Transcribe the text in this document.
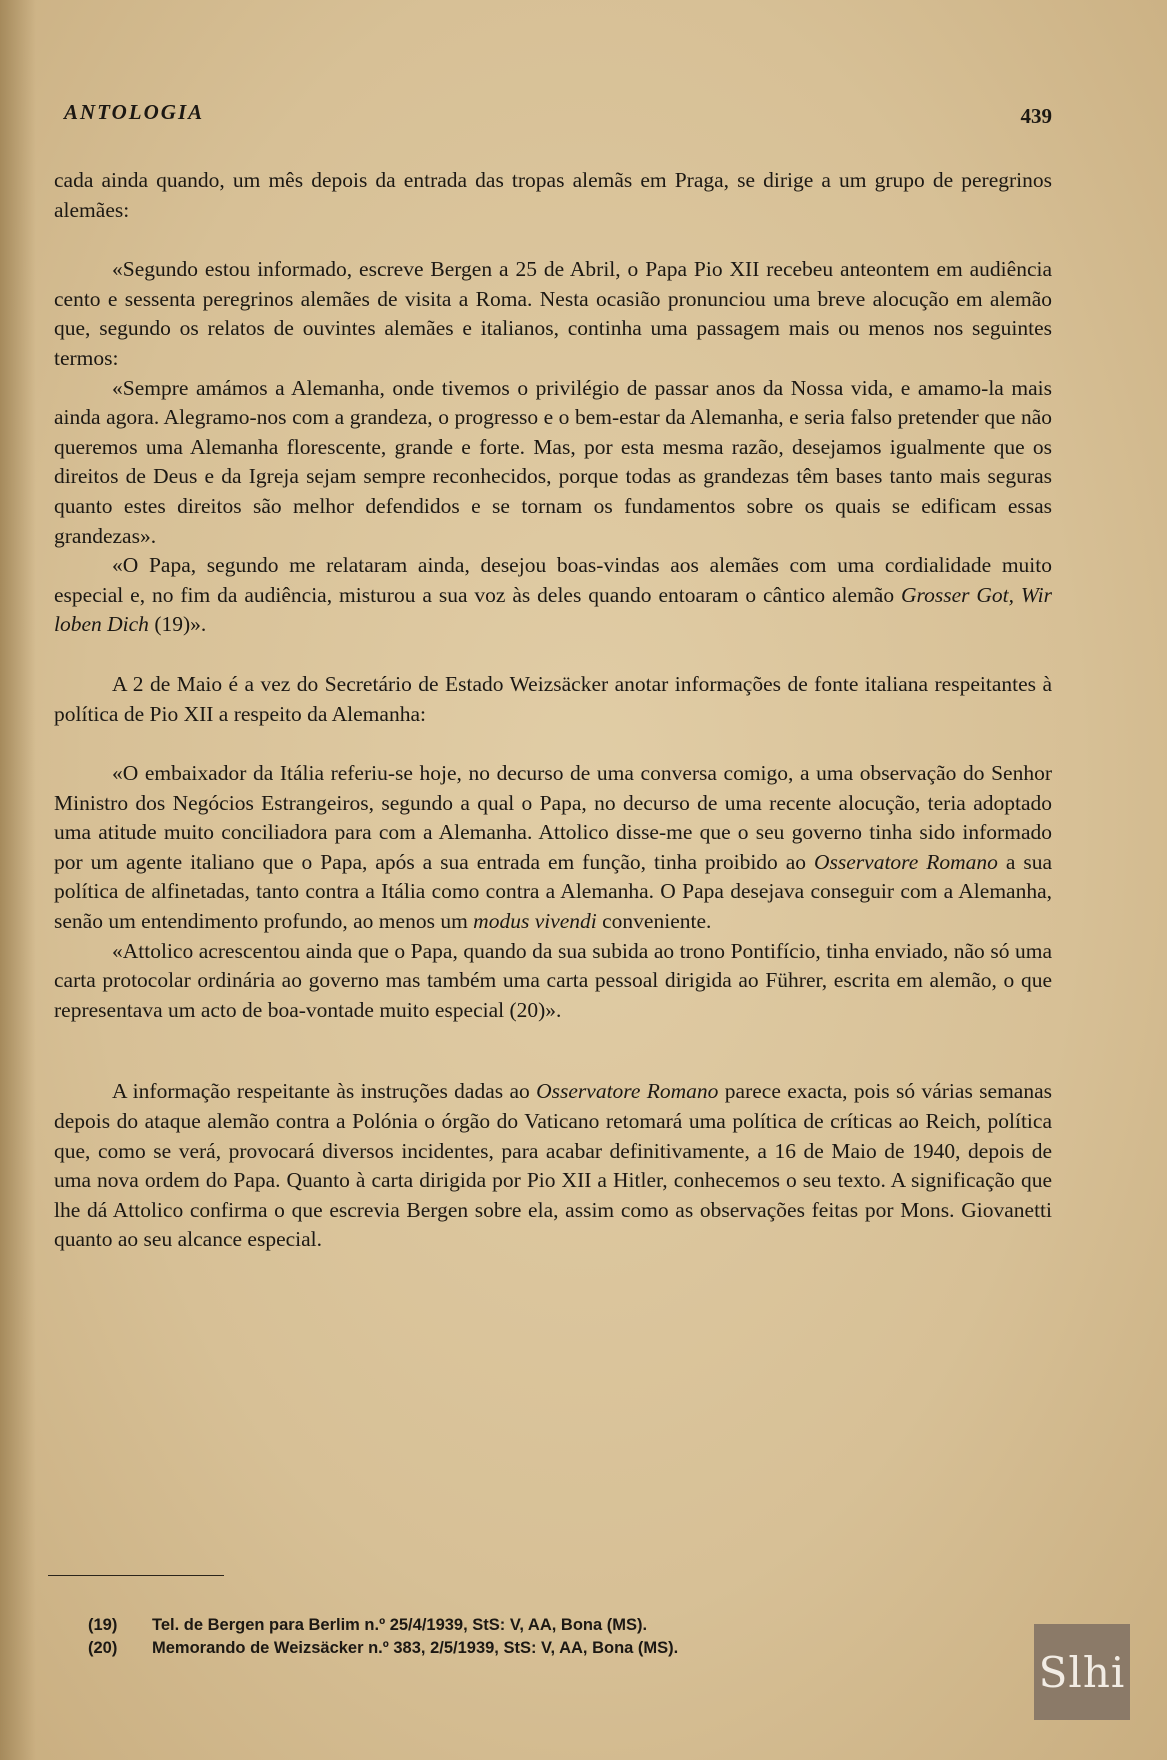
ANTOLOGIA	439

cada ainda quando, um mês depois da entrada das tropas alemãs em Praga, se dirige a um grupo de peregrinos alemães:

«Segundo estou informado, escreve Bergen a 25 de Abril, o Papa Pio XII recebeu anteontem em audiência cento e sessenta peregrinos alemães de visita a Roma. Nesta ocasião pronunciou uma breve alocução em alemão que, segundo os relatos de ouvintes alemães e italianos, continha uma passagem mais ou menos nos seguintes termos:

«Sempre amámos a Alemanha, onde tivemos o privilégio de passar anos da Nossa vida, e amamo-la mais ainda agora. Alegramo-nos com a grandeza, o progresso e o bem-estar da Alemanha, e seria falso pretender que não queremos uma Alemanha florescente, grande e forte. Mas, por esta mesma razão, desejamos igualmente que os direitos de Deus e da Igreja sejam sempre reconhecidos, porque todas as grandezas têm bases tanto mais seguras quanto estes direitos são melhor defendidos e se tornam os fundamentos sobre os quais se edificam essas grandezas».

«O Papa, segundo me relataram ainda, desejou boas-vindas aos alemães com uma cordialidade muito especial e, no fim da audiência, misturou a sua voz às deles quando entoaram o cântico alemão Grosser Got, Wir loben Dich (19)».

A 2 de Maio é a vez do Secretário de Estado Weizsäcker anotar informações de fonte italiana respeitantes à política de Pio XII a respeito da Alemanha:

«O embaixador da Itália referiu-se hoje, no decurso de uma conversa comigo, a uma observação do Senhor Ministro dos Negócios Estrangeiros, segundo a qual o Papa, no decurso de uma recente alocução, teria adoptado uma atitude muito conciliadora para com a Alemanha. Attolico disse-me que o seu governo tinha sido informado por um agente italiano que o Papa, após a sua entrada em função, tinha proibido ao Osservatore Romano a sua política de alfinetadas, tanto contra a Itália como contra a Alemanha. O Papa desejava conseguir com a Alemanha, senão um entendimento profundo, ao menos um modus vivendi conveniente.

«Attolico acrescentou ainda que o Papa, quando da sua subida ao trono Pontifício, tinha enviado, não só uma carta protocolar ordinária ao governo mas também uma carta pessoal dirigida ao Führer, escrita em alemão, o que representava um acto de boa-vontade muito especial (20)».

A informação respeitante às instruções dadas ao Osservatore Romano parece exacta, pois só várias semanas depois do ataque alemão contra a Polónia o órgão do Vaticano retomará uma política de críticas ao Reich, política que, como se verá, provocará diversos incidentes, para acabar definitivamente, a 16 de Maio de 1940, depois de uma nova ordem do Papa. Quanto à carta dirigida por Pio XII a Hitler, conhecemos o seu texto. A significação que lhe dá Attolico confirma o que escrevia Bergen sobre ela, assim como as observações feitas por Mons. Giovanetti quanto ao seu alcance especial.

(19)	Tel. de Bergen para Berlim n.º 25/4/1939, StS: V, AA, Bona (MS).
(20)	Memorando de Weizsäcker n.º 383, 2/5/1939, StS: V, AA, Bona (MS).	Slhi
